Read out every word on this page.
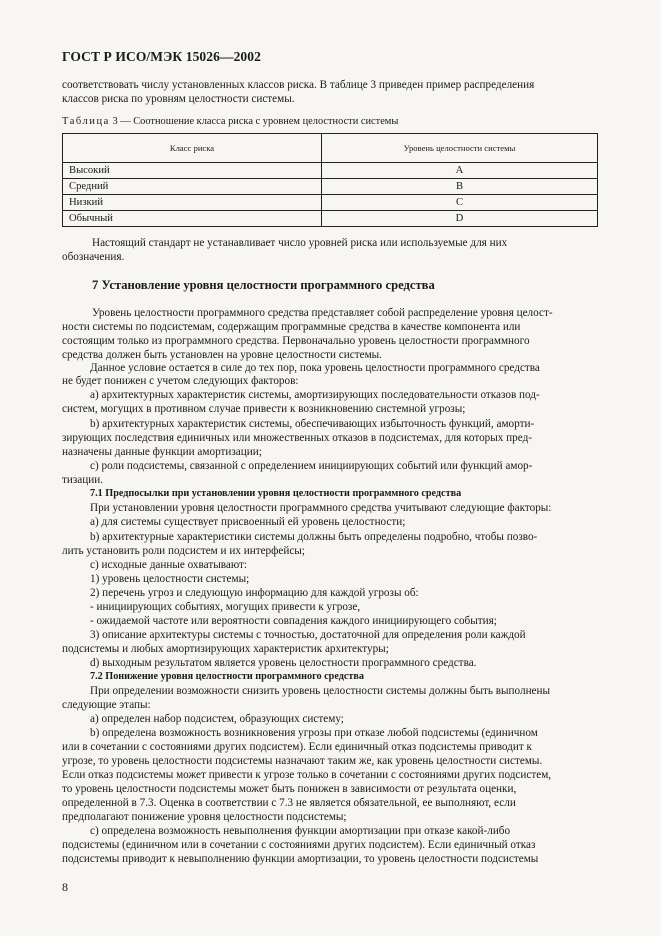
ГОСТ Р ИСО/МЭК 15026—2002
соответствовать числу установленных классов риска. В таблице 3 приведен пример распределения
классов риска по уровням целостности системы.
Таблица 3 — Соотношение класса риска с уровнем целостности системы
Класс риска	Уровень целостности системы
Высокий	A
Средний	B
Низкий	C
Обычный	D
Настоящий стандарт не устанавливает число уровней риска или используемые для них
обозначения.
7 Установление уровня целостности программного средства
Уровень целостности программного средства представляет собой распределение уровня целост-
ности системы по подсистемам, содержащим программные средства в качестве компонента или
состоящим только из программного средства. Первоначально уровень целостности программного
средства должен быть установлен на уровне целостности системы.
Данное условие остается в силе до тех пор, пока уровень целостности программного средства
не будет понижен с учетом следующих факторов:
а) архитектурных характеристик системы, амортизирующих последовательности отказов под-
систем, могущих в противном случае привести к возникновению системной угрозы;
b) архитектурных характеристик системы, обеспечивающих избыточность функций, аморти-
зирующих последствия единичных или множественных отказов в подсистемах, для которых пред-
назначены данные функции амортизации;
с) роли подсистемы, связанной с определением инициирующих событий или функций амор-
тизации.
7.1 Предпосылки при установлении уровня целостности программного средства
При установлении уровня целостности программного средства учитывают следующие факторы:
а) для системы существует присвоенный ей уровень целостности;
b) архитектурные характеристики системы должны быть определены подробно, чтобы позво-
лить установить роли подсистем и их интерфейсы;
с) исходные данные охватывают:
1) уровень целостности системы;
2) перечень угроз и следующую информацию для каждой угрозы об:
- инициирующих событиях, могущих привести к угрозе,
- ожидаемой частоте или вероятности совпадения каждого инициирующего события;
3) описание архитектуры системы с точностью, достаточной для определения роли каждой
подсистемы и любых амортизирующих характеристик архитектуры;
d) выходным результатом является уровень целостности программного средства.
7.2 Понижение уровня целостности программного средства
При определении возможности снизить уровень целостности системы должны быть выполнены
следующие этапы:
а) определен набор подсистем, образующих систему;
b) определена возможность возникновения угрозы при отказе любой подсистемы (единичном
или в сочетании с состояниями других подсистем). Если единичный отказ подсистемы приводит к
угрозе, то уровень целостности подсистемы назначают таким же, как уровень целостности системы.
Если отказ подсистемы может привести к угрозе только в сочетании с состояниями других подсистем,
то уровень целостности подсистемы может быть понижен в зависимости от результата оценки,
определенной в 7.3. Оценка в соответствии с 7.3 не является обязательной, ее выполняют, если
предполагают понижение уровня целостности подсистемы;
с) определена возможность невыполнения функции амортизации при отказе какой-либо
подсистемы (единичном или в сочетании с состояниями других подсистем). Если единичный отказ
подсистемы приводит к невыполнению функции амортизации, то уровень целостности подсистемы
8
